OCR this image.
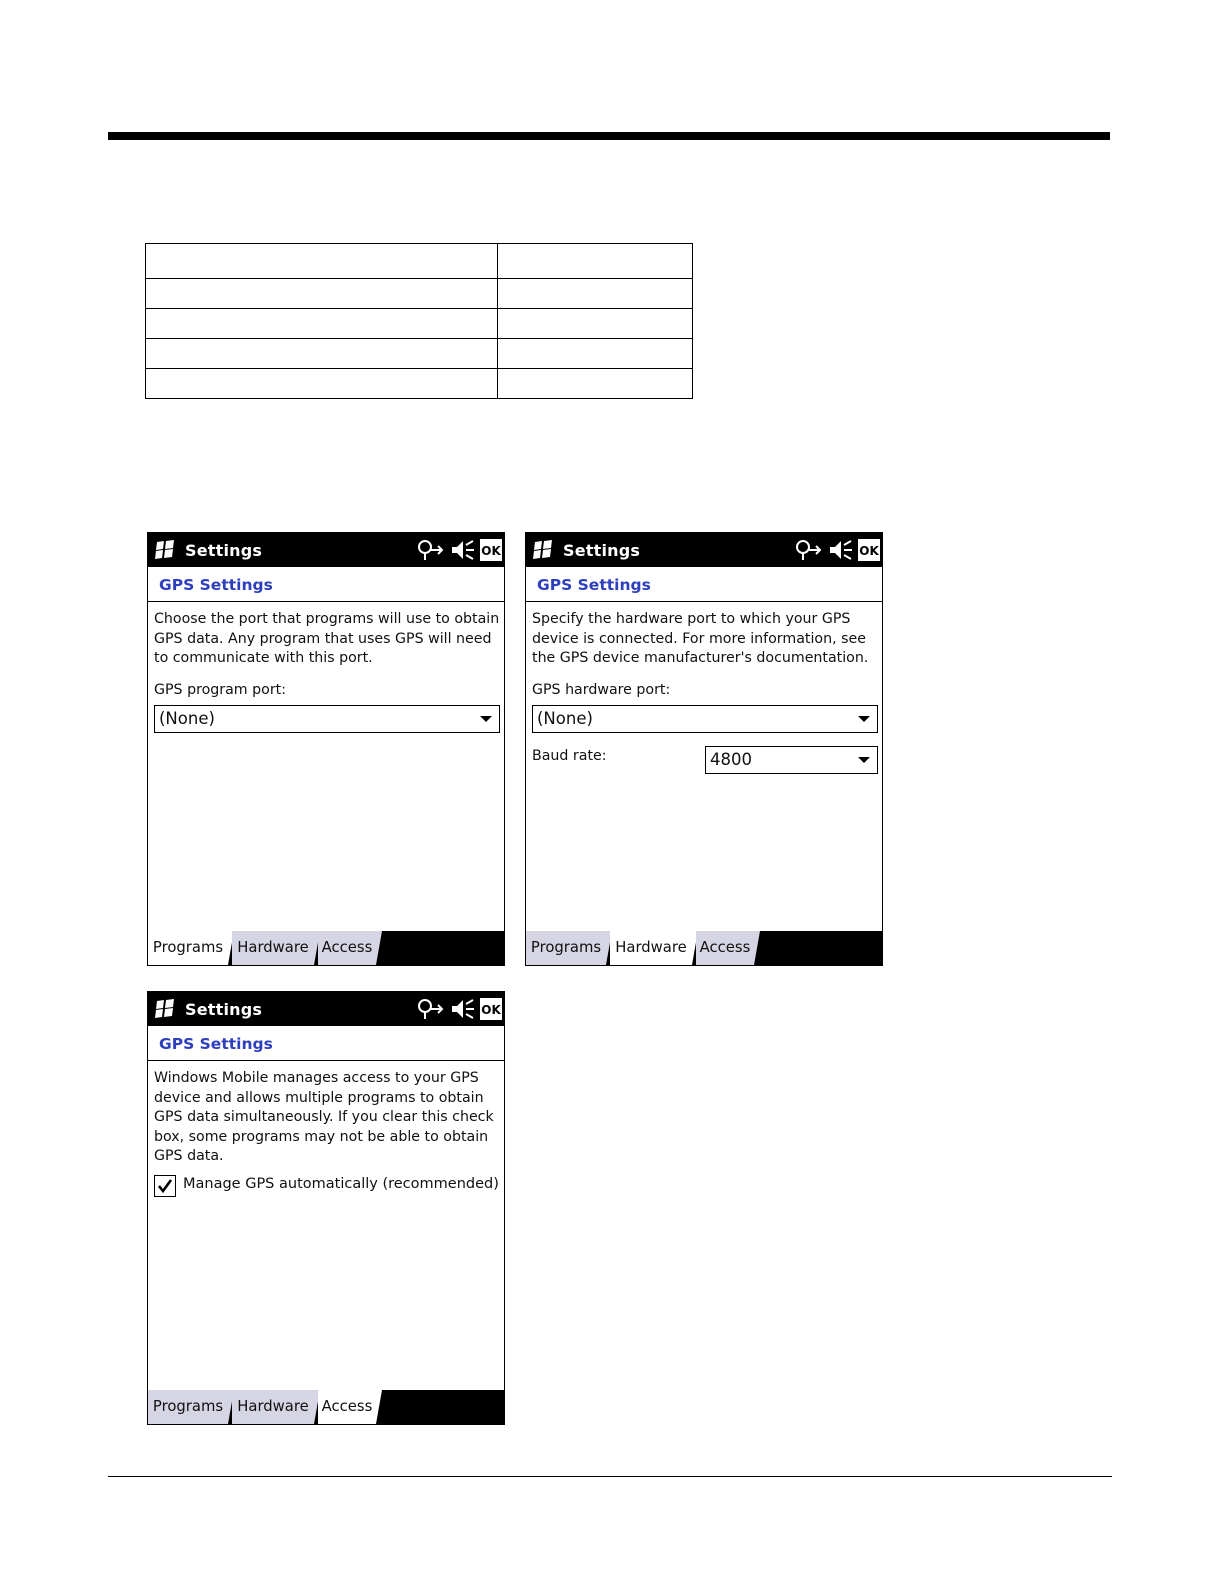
Settings	OK
GPS Settings
Choose the port that programs will use to obtain GPS data. Any program that uses GPS will need to communicate with this port.
GPS program port:
(None)
Programs Hardware Access
Settings	OK
GPS Settings
Specify the hardware port to which your GPS device is connected. For more information, see the GPS device manufacturer's documentation.
GPS hardware port:
(None)
Baud rate:	4800
Programs Hardware Access
Settings	OK
GPS Settings
Windows Mobile manages access to your GPS device and allows multiple programs to obtain GPS data simultaneously. If you clear this check box, some programs may not be able to obtain GPS data.
Manage GPS automatically (recommended)
Programs Hardware Access
